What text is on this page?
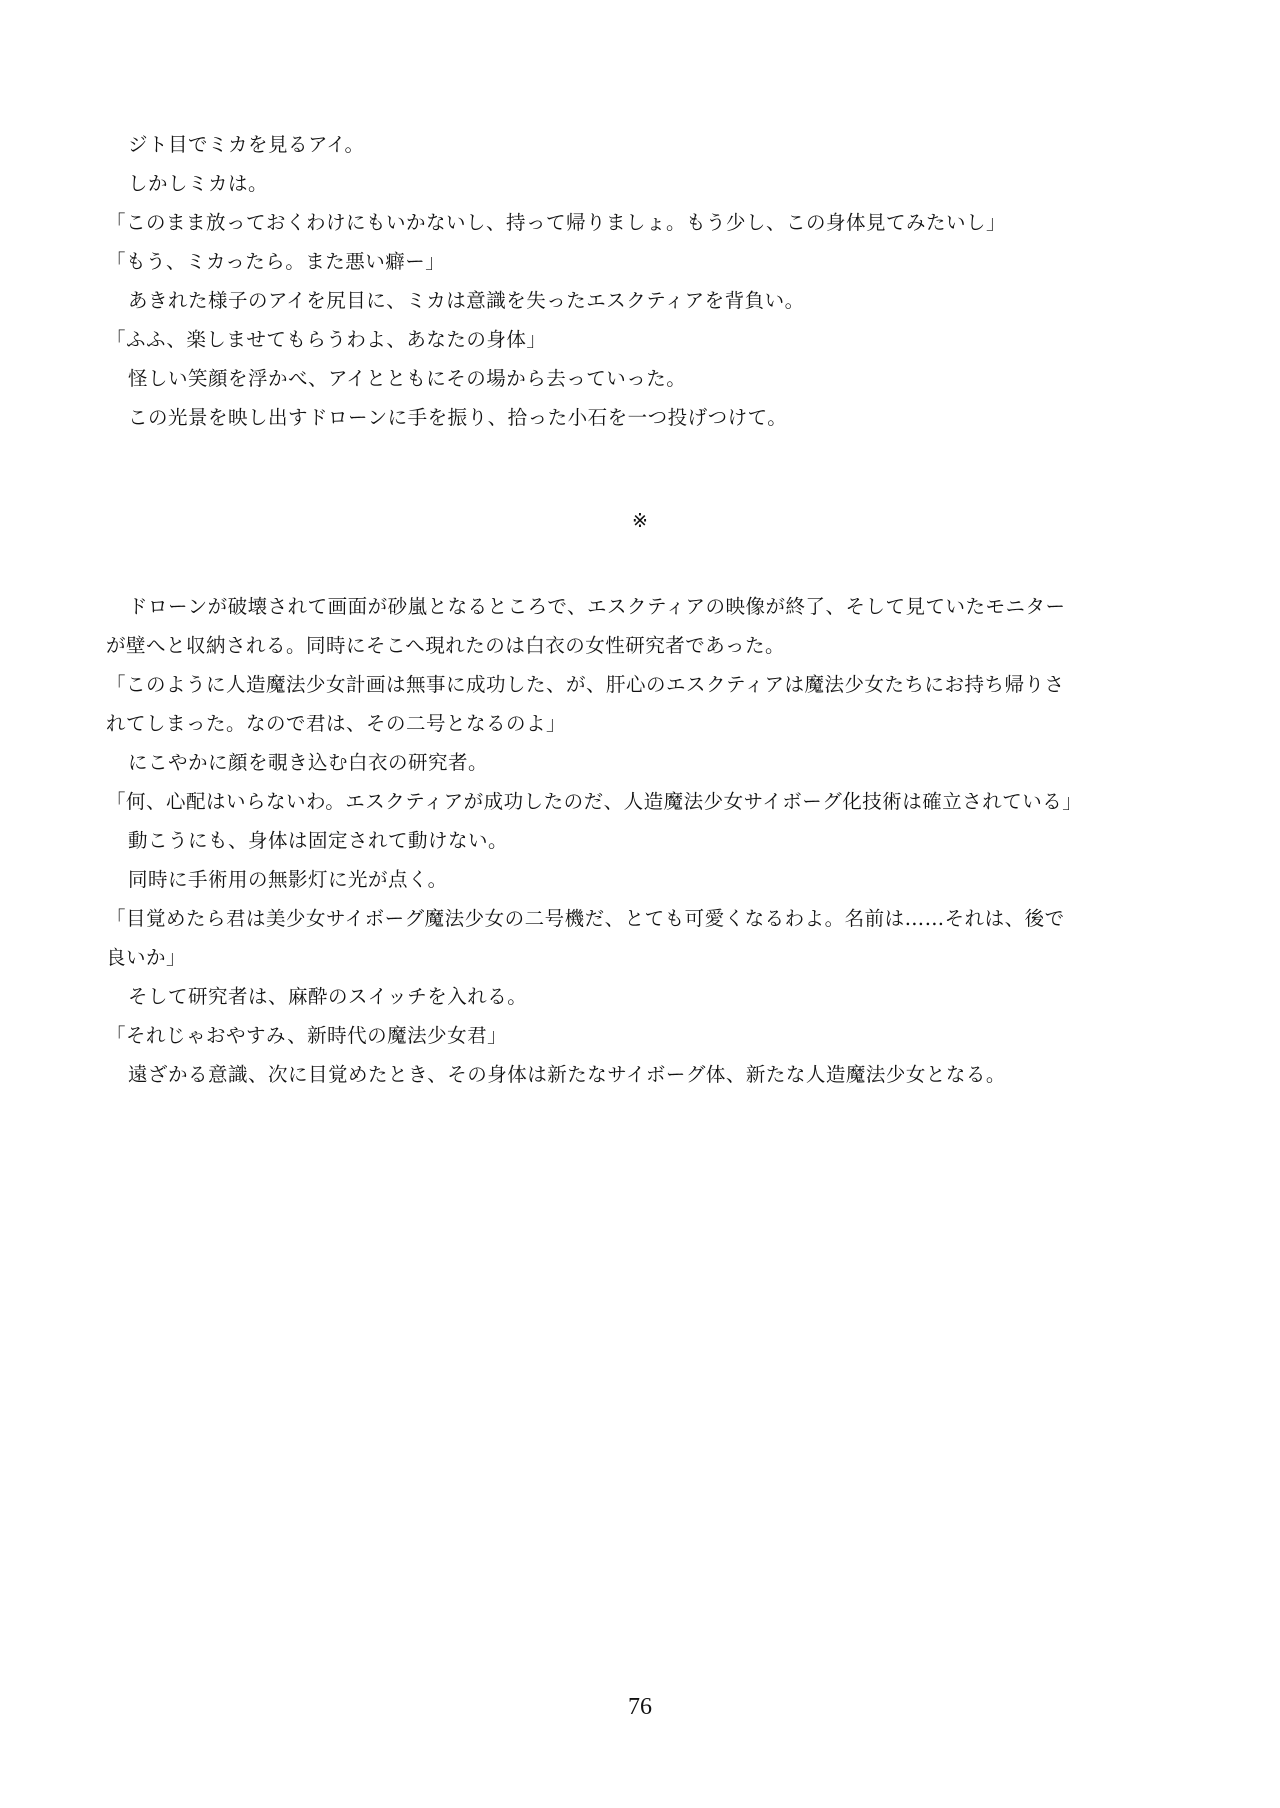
ジト目でミカを見るアイ。
しかしミカは。
「このまま放っておくわけにもいかないし、持って帰りましょ。もう少し、この身体見てみたいし」
「もう、ミカったら。また悪い癖ー」
あきれた様子のアイを尻目に、ミカは意識を失ったエスクティアを背負い。
「ふふ、楽しませてもらうわよ、あなたの身体」
怪しい笑顔を浮かべ、アイとともにその場から去っていった。
この光景を映し出すドローンに手を振り、拾った小石を一つ投げつけて。
※
ドローンが破壊されて画面が砂嵐となるところで、エスクティアの映像が終了、そして見ていたモニター
が壁へと収納される。同時にそこへ現れたのは白衣の女性研究者であった。
「このように人造魔法少女計画は無事に成功した、が、肝心のエスクティアは魔法少女たちにお持ち帰りさ
れてしまった。なので君は、その二号となるのよ」
にこやかに顔を覗き込む白衣の研究者。
「何、心配はいらないわ。エスクティアが成功したのだ、人造魔法少女サイボーグ化技術は確立されている」
動こうにも、身体は固定されて動けない。
同時に手術用の無影灯に光が点く。
「目覚めたら君は美少女サイボーグ魔法少女の二号機だ、とても可愛くなるわよ。名前は……それは、後で
良いか」
そして研究者は、麻酔のスイッチを入れる。
「それじゃおやすみ、新時代の魔法少女君」
遠ざかる意識、次に目覚めたとき、その身体は新たなサイボーグ体、新たな人造魔法少女となる。
76
